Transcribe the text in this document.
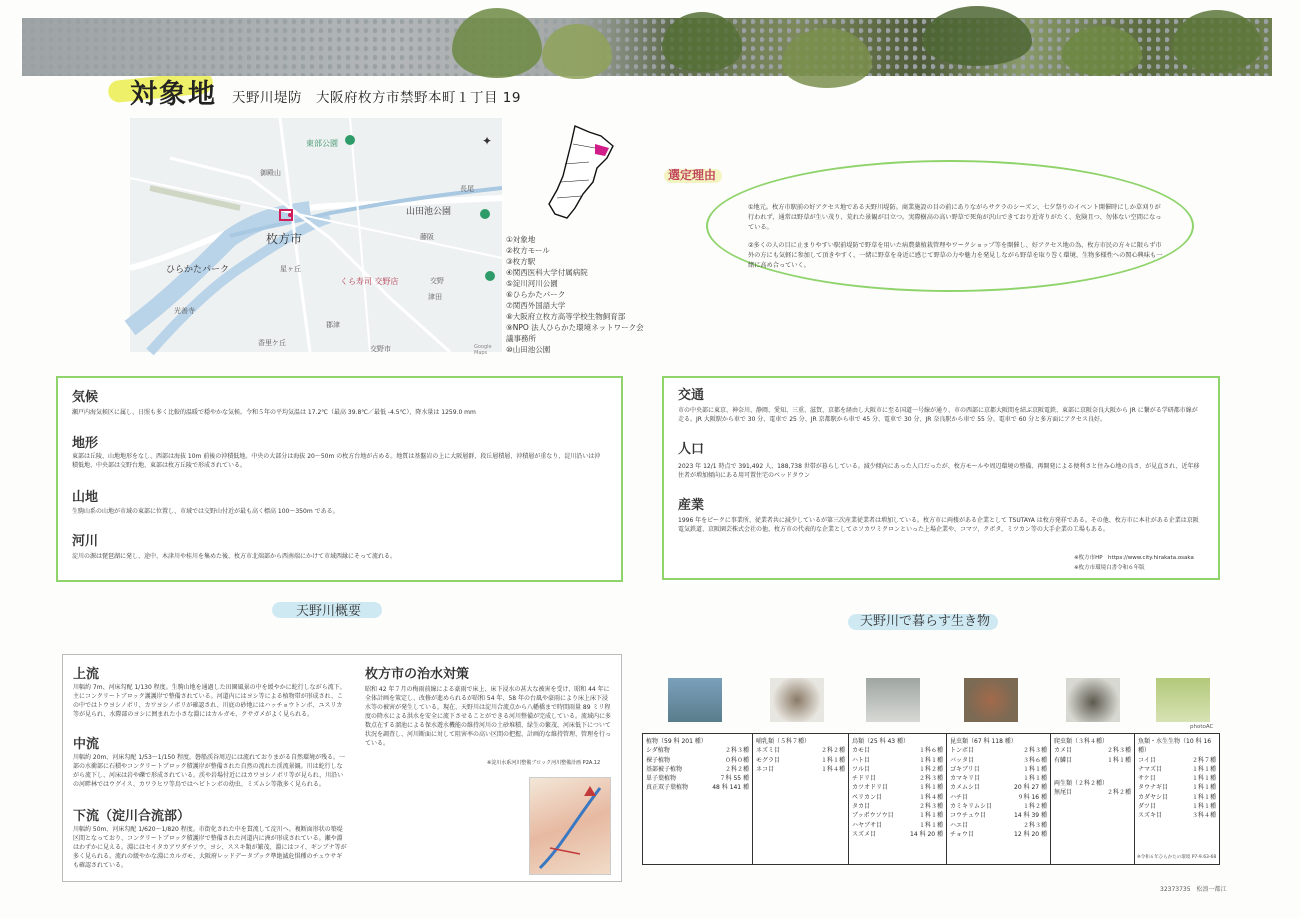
対象地 天野川堤防　大阪府枚方市禁野本町１丁目 19
東部公園
御殿山
長尾
山田池公園
枚方市	藤阪
くら寿司 交野店	交野
ひらかたパーク	星ヶ丘
津田
光善寺
郡津
香里ケ丘
交野市	Google Maps
✦
①対象地
②枚方モール
③枚方駅
④関西医科大学付属病院
⑤淀川河川公園
⑥ひらかたパーク
⑦関西外国語大学
⑧大阪府立枚方高等学校生物飼育部
⑨NPO 法人ひらかた環境ネットワーク会
議事務所
⑩山田池公園
選定理由
①地元。枚方市駅前の好アクセス地である天野川堤防。商業施設の目の前にありながらサクラのシーズン、七夕祭りのイベント開催時にしか草刈りが行われず、通常は野草が生い茂り、荒れた景観が目立つ。実際樹高の高い野草で死角が沢山できており近寄りがたく、危険且つ、勿体ない空間になっている。
②多くの人の目に止まりやすい駅前堤防で野草を用いた病農薬植栽管理やワークショップ等を開催し、好アクセス地の為、枚方市民の方々に限らず市外の方にも気軽に参加して頂きやすく、一緒に野草を身近に感じて野草の力や魅力を発見しながら野草を取り巻く環境、生物多様性への関心興味も一緒に高め合っていく。
気候
瀬戸内海気候区に属し、日照も多く比較的温暖で穏やかな気候。令和５年の平均気温は 17.2℃（最高 39.8℃／最低 -4.5℃）、降水量は 1259.0 mm
地形
東部は丘陵、山地地形をなし、西部は海抜 10m 前後の沖積低地。中央の大部分は海抜 20〜50m の枚方台地が占める。地質は基盤岩の上に大阪層群、段丘層積層、沖積層が重なり、淀川沿いは沖積低地、中央部は交野台地、東部は枚方丘陵で形成されている。
山地
生駒山系の山地が市域の東部に位置し、市域では交野山付近が最も高く標高 100〜350m である。
河川
淀川の源は琵琶湖に発し、途中、木津川や桂川を集めた後、枚方市北端部から西南端にかけて市域西縁にそって流れる。
交通
市の中央部に東京、神奈川、静岡、愛知、三重、滋賀、京都を経由し大阪市に至る国道一号線が通り、市の西部に京都大阪間を結ぶ京阪電鉄、東部に京阪奈良大阪から JR に繋がる学研都市線が走る。JR 大阪駅から車で 30 分、電車で 25 分、JR 京都駅から車で 45 分、電車で 30 分、JR 奈良駅から車で 55 分、電車で 60 分と多方面にアクセス良好。
人口
2023 年 12/1 時点で 391,492 人、188,738 世帯が暮らしている。減少傾向にあった人口だったが、枚方モールや周辺環境の整備、再開発による便利さと住み心地の良さ、が見直され、近年移住者が増加傾向にある用可置住宅のベッドタウン
産業
1996 年をピークに事業所、従業者共に減少しているが第三次産業従業者は増加している。枚方市に両棲がある企業として TSUTAYA は枚方発祥である。その他、枚方市に本社がある企業は京阪電気鉄道、京阪園芸株式会社の他、枚方市の代表的な企業としてホソカワミクロンといった上場企業や、コマツ、クボタ、ミツカン等の大手企業の工場もある。
※枚方市HP　https://www.city.hirakata.osaka
※枚方市環境白書令和６年版
天野川概要
上流
川幅約 7m、河床勾配 1/130 程度。生駒山地を通過した田園風景の中を緩やかに蛇行しながら流下。主にコンクリートブロック護護岸で整備されている。河道内にはヨシ等による植物帯が形成され、この中ではトウヨシノボリ、カワヨシノボリが確認され、川底の砂地にはハッチョウトンボ、ユスリカ等が見られ、水際部のヨシに囲まれた小さな淵にはカルガモ、クサガメがよく見られる。
中流
川幅約 20m、河床勾配 1/53〜1/150 程度。磐船渓谷周辺には流れておりまがる自然環境が残る。一部の水衝部に石積やコンクリートブロック積護岸が整備された自然の流れた渓流景観。川は蛇行しながら流下し、河床は岩や礫で形成されている。渓や岩場付近にはカワヨシノボリ等が見られ、川沿いの河畔林ではウグイス、カワラヒワ等鳥ではヘビトンボの幼虫、ミズムシ等散多く見られる。
下流（淀川合流部）
川幅約 50m、河床勾配 1/620〜1/820 程度。市街化された中を貫流して淀川へ。複断面形状の築堤区間となっており、コンクリートブロック積護岸で整備された河道内に洲が形成されている。瀬や淵はわずかに見える。淵にはセイタカアワダチソウ、ヨシ、ススキ類が繁茂、淵にはコイ、ギンブナ等が多く見られる。流れの緩やかな淵にカルガモ、大阪府レッドデータブック準絶滅危惧種のチュウサギも確認されている。
枚方市の治水対策
昭和 42 年７月の梅雨前線による豪雨で床上、床下浸水の甚大な被害を受け、昭和 44 年に全体計画を策定し、改修が進められるが昭和 54 年、58 年の台風や豪雨により床上床下浸水等の被害が発生している。現在、天野川は淀川合流点から八幡橋まで時間雨量 89 ミリ程度の降水による洪水を安全に流下させることができる河川整備が完成している。流域内に多数点在する溜池による保水遊水機能の維持河川の土砂堆積、緑生の繁茂、河床低下について状況を調査し、河川断面に対して阻害率の高い区間の把握、計画的な維持管理、管理を行っている。
※淀川水系河川整備ブロック河川整備計画 P2A.12
天野川で暮らす生き物
photoAC
植物（59 科 201 種）
シダ植物	２科３種
裸子植物	０科０種
基部被子植物	２科２種
単子葉植物	７科 55 種
真正双子葉植物	48 科 141 種
哺乳類（５科７種）
ネズミ目	２科２種
モグラ目	１科１種
ネコ目	１科４種
鳥類（25 科 43 種）
カモ目	１科６種
ハト目	１科１種
ツル目	１科２種
チドリ目	２科３種
カツオドリ目	１科１種
ペリカン目	１科４種
タカ目	２科３種
ブッポウソウ目	１科１種
ハヤブサ目	１科１種
スズメ目	14 科 20 種
昆虫類（67 科 118 種）
トンボ目	２科３種
バッタ目	３科６種
ゴキブリ目	１科１種
カマキリ目	１科１種
カメムシ目	20 科 27 種
ハチ目	９科 16 種
カミキリムシ目	１科２種
コウチュウ目	14 科 39 種
ハエ目	２科３種
チョウ目	12 科 20 種
爬虫類（３科４種）
カメ目	２科３種
有鱗目	１科１種
両生類（２科２種）
無尾目	２科２種
魚類・水生生物（10 科 16 種）
コイ目	２科７種
ナマズ目	１科１種
サケ目	１科１種
タウナギ目	１科１種
カダヤシ目	１科１種
ダツ目	１科１種
スズキ目	３科４種
※令和６年ひらかたの環境 P7-9.63-68
32373735　松浪一都江
